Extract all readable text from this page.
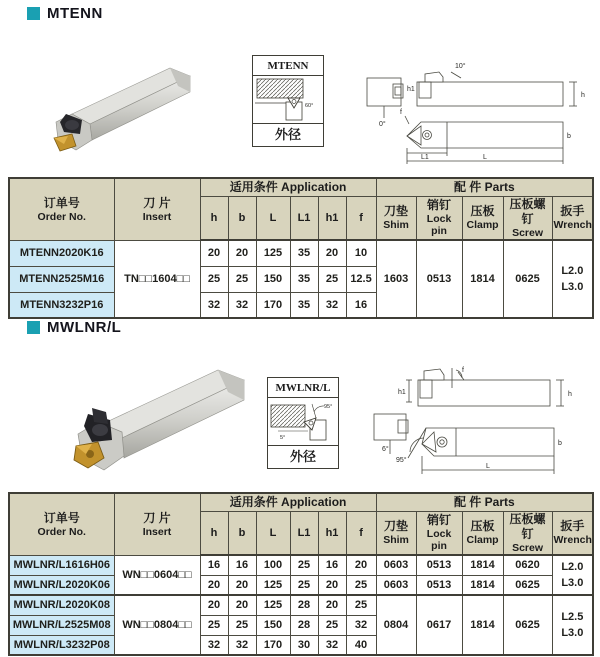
MTENN
MTENN
60°
外径
h1
10°
h
0°
f
L1	L
b
订单号
Order No.

刀 片
Insert
	适用条件 Application	配 件 Parts
h	b	L	L1	h1	f	刀垫
Shim

销钉
Lock pin

压板
Clamp

压板螺钉
Screw

扳手
Wrench

MTENN2020K16	TN□□1604□□	20	20	125	35	20	10	1603	0513	1814	0625	L2.0
L3.0

MTENN2525M16		25	25	150	35	25	12.5					
MTENN3232P16		32	32	170	35	32	16					
MWLNR/L
MWLNR/L
95°
5°
外径
h1
f
h
6°
95°
L
b
订单号
Order No.

刀 片
Insert
	适用条件 Application	配 件 Parts
h	b	L	L1	h1	f	刀垫
Shim

销钉
Lock pin

压板
Clamp

压板螺钉
Screw

扳手
Wrench

MWLNR/L1616H06	WN□□0604□□	16	16	100	25	16	20	0603	0513	1814	0620	L2.0
L3.0

MWLNR/L2020K06		20	20	125	25	20	25	0603	0513	1814	0625	
MWLNR/L2020K08	WN□□0804□□	20	20	125	28	20	25	0804	0617	1814	0625	L2.5
L3.0

MWLNR/L2525M08		25	25	150	28	25	32					
MWLNR/L3232P08		32	32	170	30	32	40					
